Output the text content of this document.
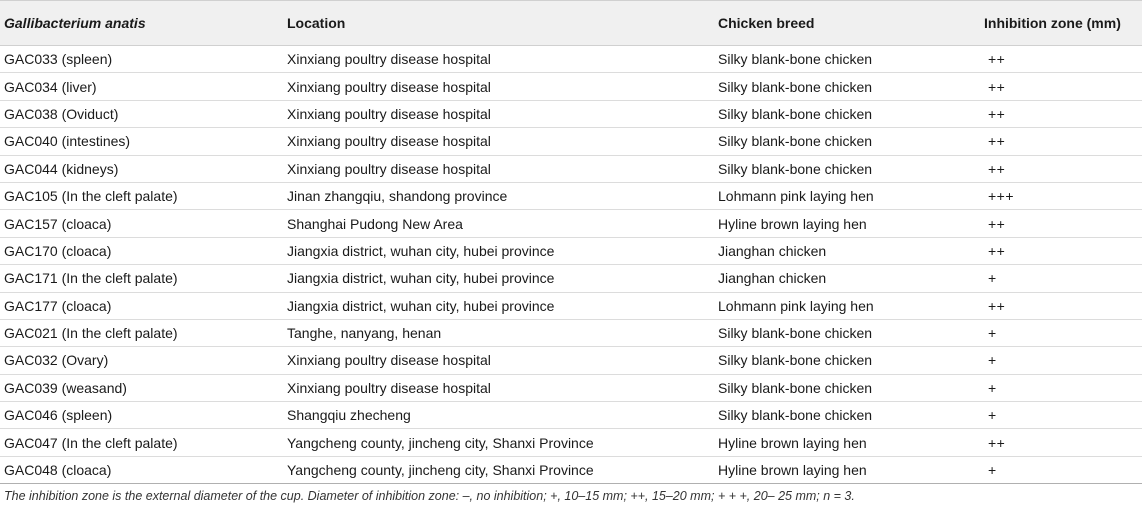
Gallibacterium anatis	Location	Chicken breed	Inhibition zone (mm)
GAC033 (spleen)	Xinxiang poultry disease hospital	Silky blank-bone chicken	++
GAC034 (liver)	Xinxiang poultry disease hospital	Silky blank-bone chicken	++
GAC038 (Oviduct)	Xinxiang poultry disease hospital	Silky blank-bone chicken	++
GAC040 (intestines)	Xinxiang poultry disease hospital	Silky blank-bone chicken	++
GAC044 (kidneys)	Xinxiang poultry disease hospital	Silky blank-bone chicken	++
GAC105 (In the cleft palate)	Jinan zhangqiu, shandong province	Lohmann pink laying hen	+++
GAC157 (cloaca)	Shanghai Pudong New Area	Hyline brown laying hen	++
GAC170 (cloaca)	Jiangxia district, wuhan city, hubei province	Jianghan chicken	++
GAC171 (In the cleft palate)	Jiangxia district, wuhan city, hubei province	Jianghan chicken	+
GAC177 (cloaca)	Jiangxia district, wuhan city, hubei province	Lohmann pink laying hen	++
GAC021 (In the cleft palate)	Tanghe, nanyang, henan	Silky blank-bone chicken	+
GAC032 (Ovary)	Xinxiang poultry disease hospital	Silky blank-bone chicken	+
GAC039 (weasand)	Xinxiang poultry disease hospital	Silky blank-bone chicken	+
GAC046 (spleen)	Shangqiu zhecheng	Silky blank-bone chicken	+
GAC047 (In the cleft palate)	Yangcheng county, jincheng city, Shanxi Province	Hyline brown laying hen	++
GAC048 (cloaca)	Yangcheng county, jincheng city, Shanxi Province	Hyline brown laying hen	+
The inhibition zone is the external diameter of the cup. Diameter of inhibition zone: –, no inhibition; +, 10–15 mm; ++, 15–20 mm; + + +, 20– 25 mm; n = 3.
